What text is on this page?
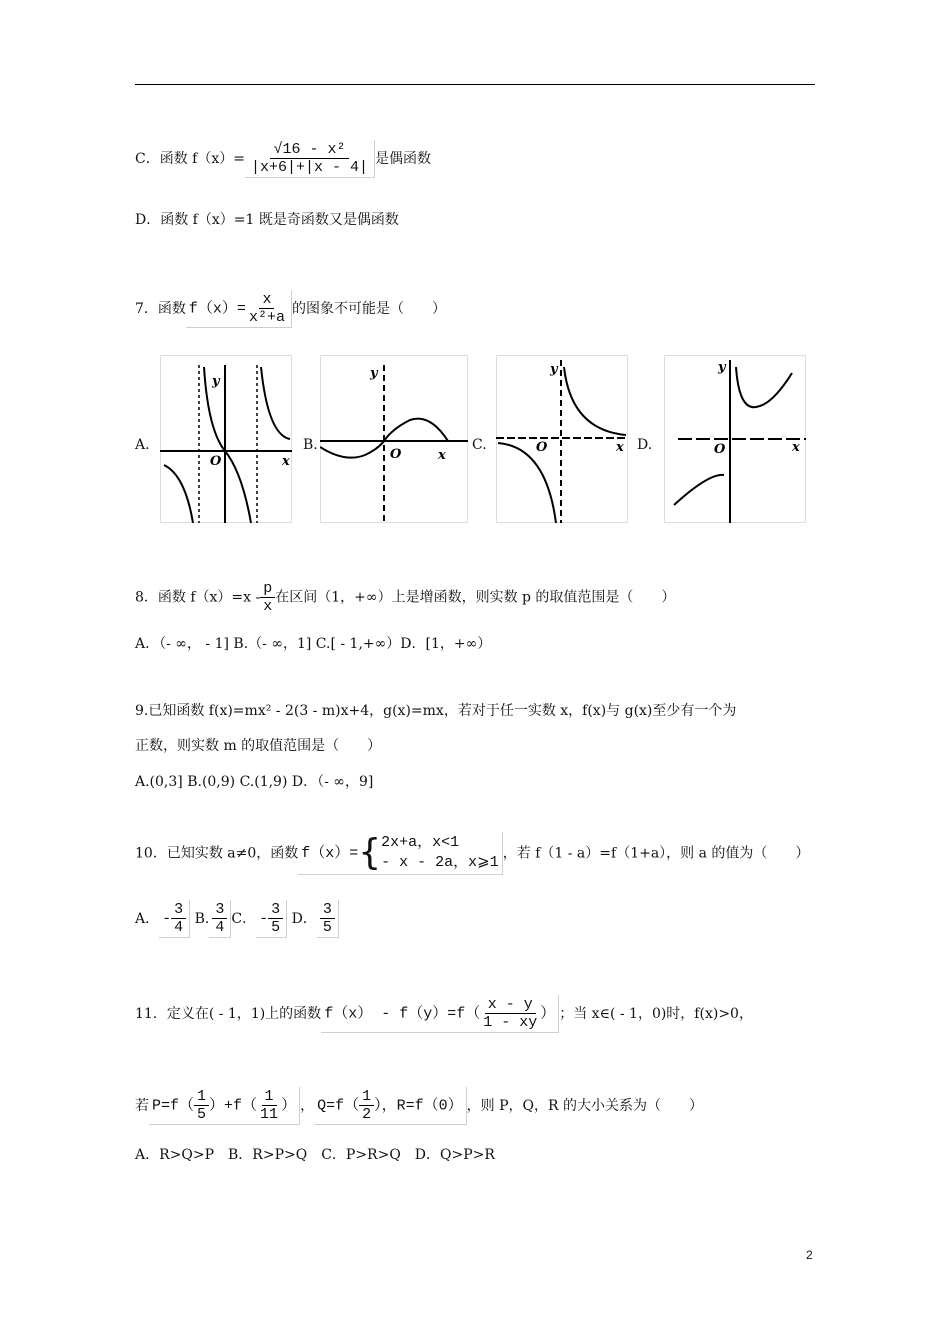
C．函数 $f(x)= \frac{\text{√16 - x²}}{|x+6|+|x - 4|}$ 是偶函数
D．函数 f（x）=1 既是奇函数又是偶函数
7．函数 $f(x)= \frac{x}{\text{x²+a}}$ 的图象不可能是（　　）
A.	B.	C.	D.
y
x
O
y
x
O
y
x
O
y
x
O
8．函数 $f(x)=x - \frac{p}{x}$ 在区间（1，+∞）上是增函数，则实数 p 的取值范围是（　　）
A．（- ∞， - 1] B.（- ∞，1] C.[ - 1,+∞）D．[1，+∞）
9.已知函数 f(x)=mx² - 2(3 - m)x+4，g(x)=mx，若对于任一实数 x，f(x)与 g(x)至少有一个为
正数，则实数 m 的取值范围是（　　）
A.(0,3] B.(0,9) C.(1,9) D．（- ∞，9]
10．已知实数 a≠0，函数 f（x）={ 2x+a，x<1
- x - 2a，x⩾1
，若 f（1 - a）=f（1+a），则 a 的值为（　　）
A． - $\frac{3}{4} B$. $\frac{3}{4}$ C． - $\frac{3}{5}$ D． $\frac{3}{5}$
11．定义在( - 1，1)上的函数 $f(x) - f(y)=f( \frac{x - y}{1 - xy}$ ） ；当 x∈( - 1，0)时，f(x)>0，
若 $P=f( \frac{1}{5} )+f( \frac{1}{11}$ ） ， $Q=f( \frac{1}{2}$ ），R=f（0） ，则 P，Q，R 的大小关系为（　　）
A．R>Q>P　B．R>P>Q　C．P>R>Q　D．Q>P>R
2
